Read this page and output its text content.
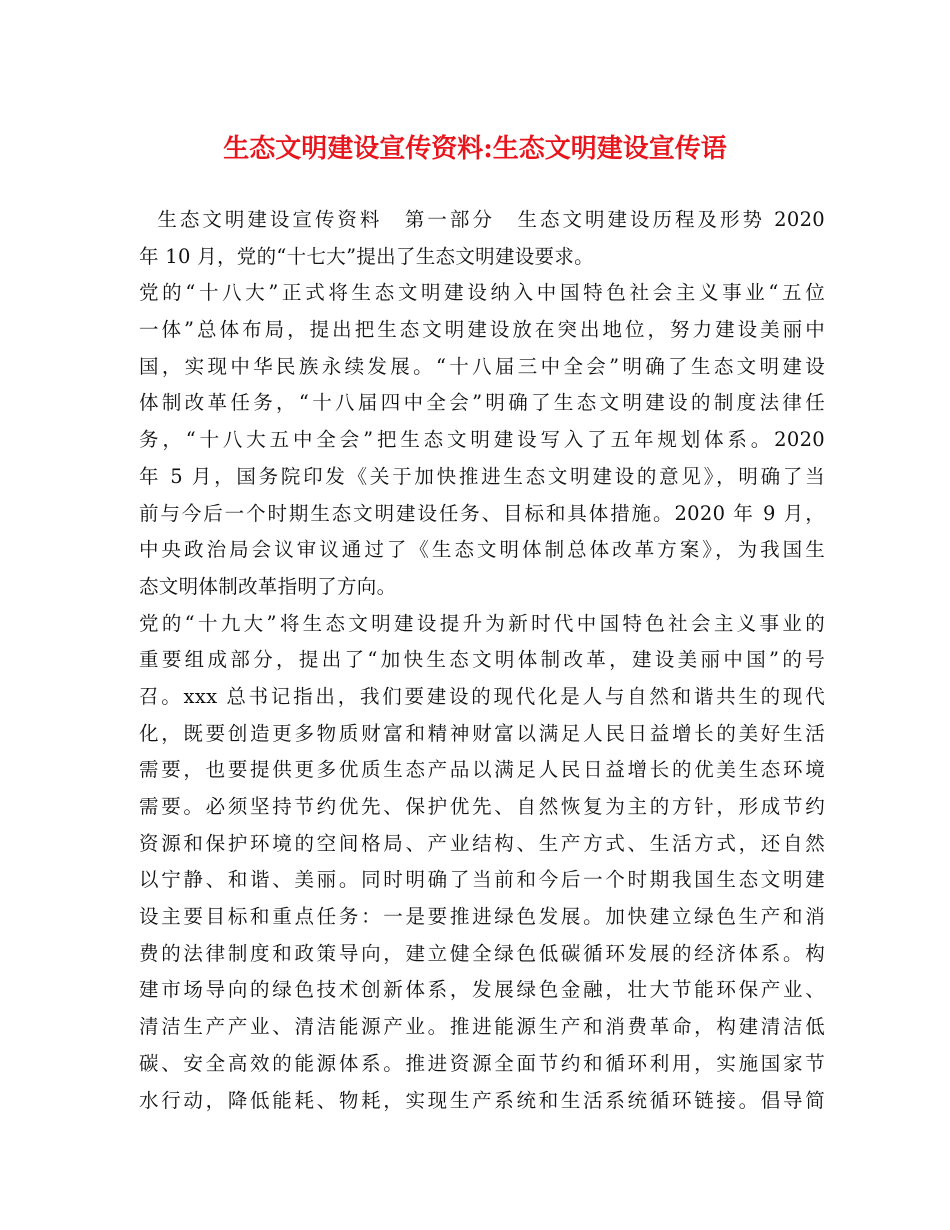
生态文明建设宣传资料:生态文明建设宣传语
生态文明建设宣传资料　第一部分　生态文明建设历程及形势 2020
年 10 月，党的“十七大”提出了生态文明建设要求。
党的“十八大”正式将生态文明建设纳入中国特色社会主义事业“五位
一体”总体布局，提出把生态文明建设放在突出地位，努力建设美丽中
国，实现中华民族永续发展。“十八届三中全会”明确了生态文明建设
体制改革任务，“十八届四中全会”明确了生态文明建设的制度法律任
务，“十八大五中全会”把生态文明建设写入了五年规划体系。2020
年 5 月，国务院印发《关于加快推进生态文明建设的意见》，明确了当
前与今后一个时期生态文明建设任务、目标和具体措施。2020 年 9 月，
中央政治局会议审议通过了《生态文明体制总体改革方案》，为我国生
态文明体制改革指明了方向。
党的“十九大”将生态文明建设提升为新时代中国特色社会主义事业的
重要组成部分，提出了“加快生态文明体制改革，建设美丽中国”的号
召。xxx 总书记指出，我们要建设的现代化是人与自然和谐共生的现代
化，既要创造更多物质财富和精神财富以满足人民日益增长的美好生活
需要，也要提供更多优质生态产品以满足人民日益增长的优美生态环境
需要。必须坚持节约优先、保护优先、自然恢复为主的方针，形成节约
资源和保护环境的空间格局、产业结构、生产方式、生活方式，还自然
以宁静、和谐、美丽。同时明确了当前和今后一个时期我国生态文明建
设主要目标和重点任务：一是要推进绿色发展。加快建立绿色生产和消
费的法律制度和政策导向，建立健全绿色低碳循环发展的经济体系。构
建市场导向的绿色技术创新体系，发展绿色金融，壮大节能环保产业、
清洁生产产业、清洁能源产业。推进能源生产和消费革命，构建清洁低
碳、安全高效的能源体系。推进资源全面节约和循环利用，实施国家节
水行动，降低能耗、物耗，实现生产系统和生活系统循环链接。倡导简
